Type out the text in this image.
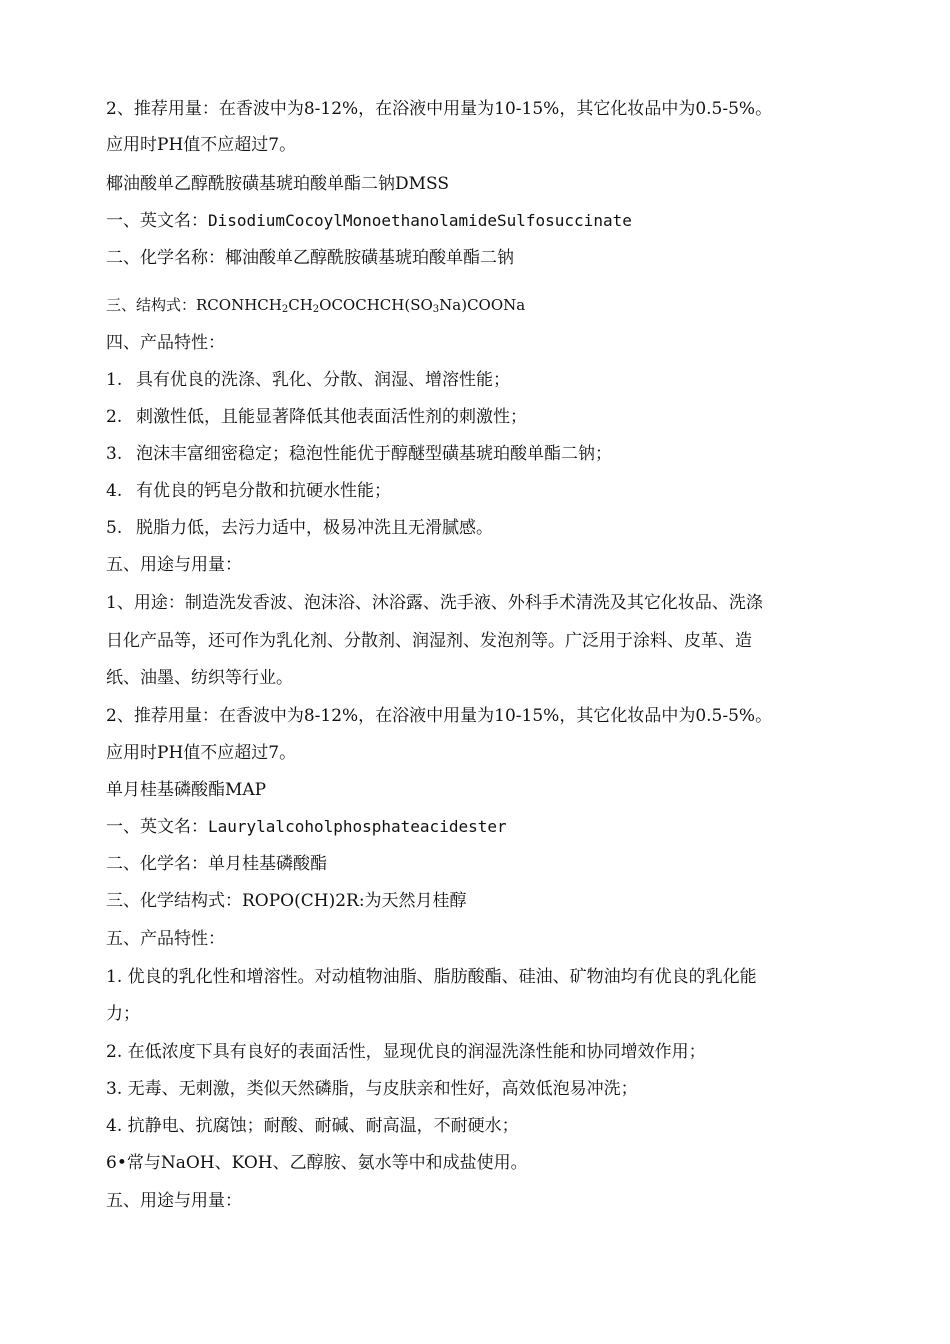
2、推荐用量：在香波中为8-12%，在浴液中用量为10-15%，其它化妆品中为0.5-5%。
应用时PH值不应超过7。
椰油酸单乙醇酰胺磺基琥珀酸单酯二钠DMSS
一、英文名：DisodiumCocoylMonoethanolamideSulfosuccinate
二、化学名称：椰油酸单乙醇酰胺磺基琥珀酸单酯二钠
三、结构式：$RCONHCH_2CH_2OCOCHCH(SO_3Na)COONa$
四、产品特性：
1. 具有优良的洗涤、乳化、分散、润湿、增溶性能；
2. 刺激性低，且能显著降低其他表面活性剂的刺激性；
3. 泡沫丰富细密稳定；稳泡性能优于醇醚型磺基琥珀酸单酯二钠；
4. 有优良的钙皂分散和抗硬水性能；
5. 脱脂力低，去污力适中，极易冲洗且无滑腻感。
五、用途与用量：
1、用途：制造洗发香波、泡沫浴、沐浴露、洗手液、外科手术清洗及其它化妆品、洗涤
日化产品等，还可作为乳化剂、分散剂、润湿剂、发泡剂等。广泛用于涂料、皮革、造
纸、油墨、纺织等行业。
2、推荐用量：在香波中为8-12%，在浴液中用量为10-15%，其它化妆品中为0.5-5%。
应用时PH值不应超过7。
单月桂基磷酸酯MAP
一、英文名：Laurylalcoholphosphateacidester
二、化学名：单月桂基磷酸酯
三、化学结构式：ROPO(CH)2R:为天然月桂醇
五、产品特性：
1. 优良的乳化性和增溶性。对动植物油脂、脂肪酸酯、硅油、矿物油均有优良的乳化能
力；
2. 在低浓度下具有良好的表面活性，显现优良的润湿洗涤性能和协同增效作用；
3. 无毒、无刺激，类似天然磷脂，与皮肤亲和性好，高效低泡易冲洗；
4. 抗静电、抗腐蚀；耐酸、耐碱、耐高温，不耐硬水；
6•常与NaOH、KOH、乙醇胺、氨水等中和成盐使用。
五、用途与用量：
